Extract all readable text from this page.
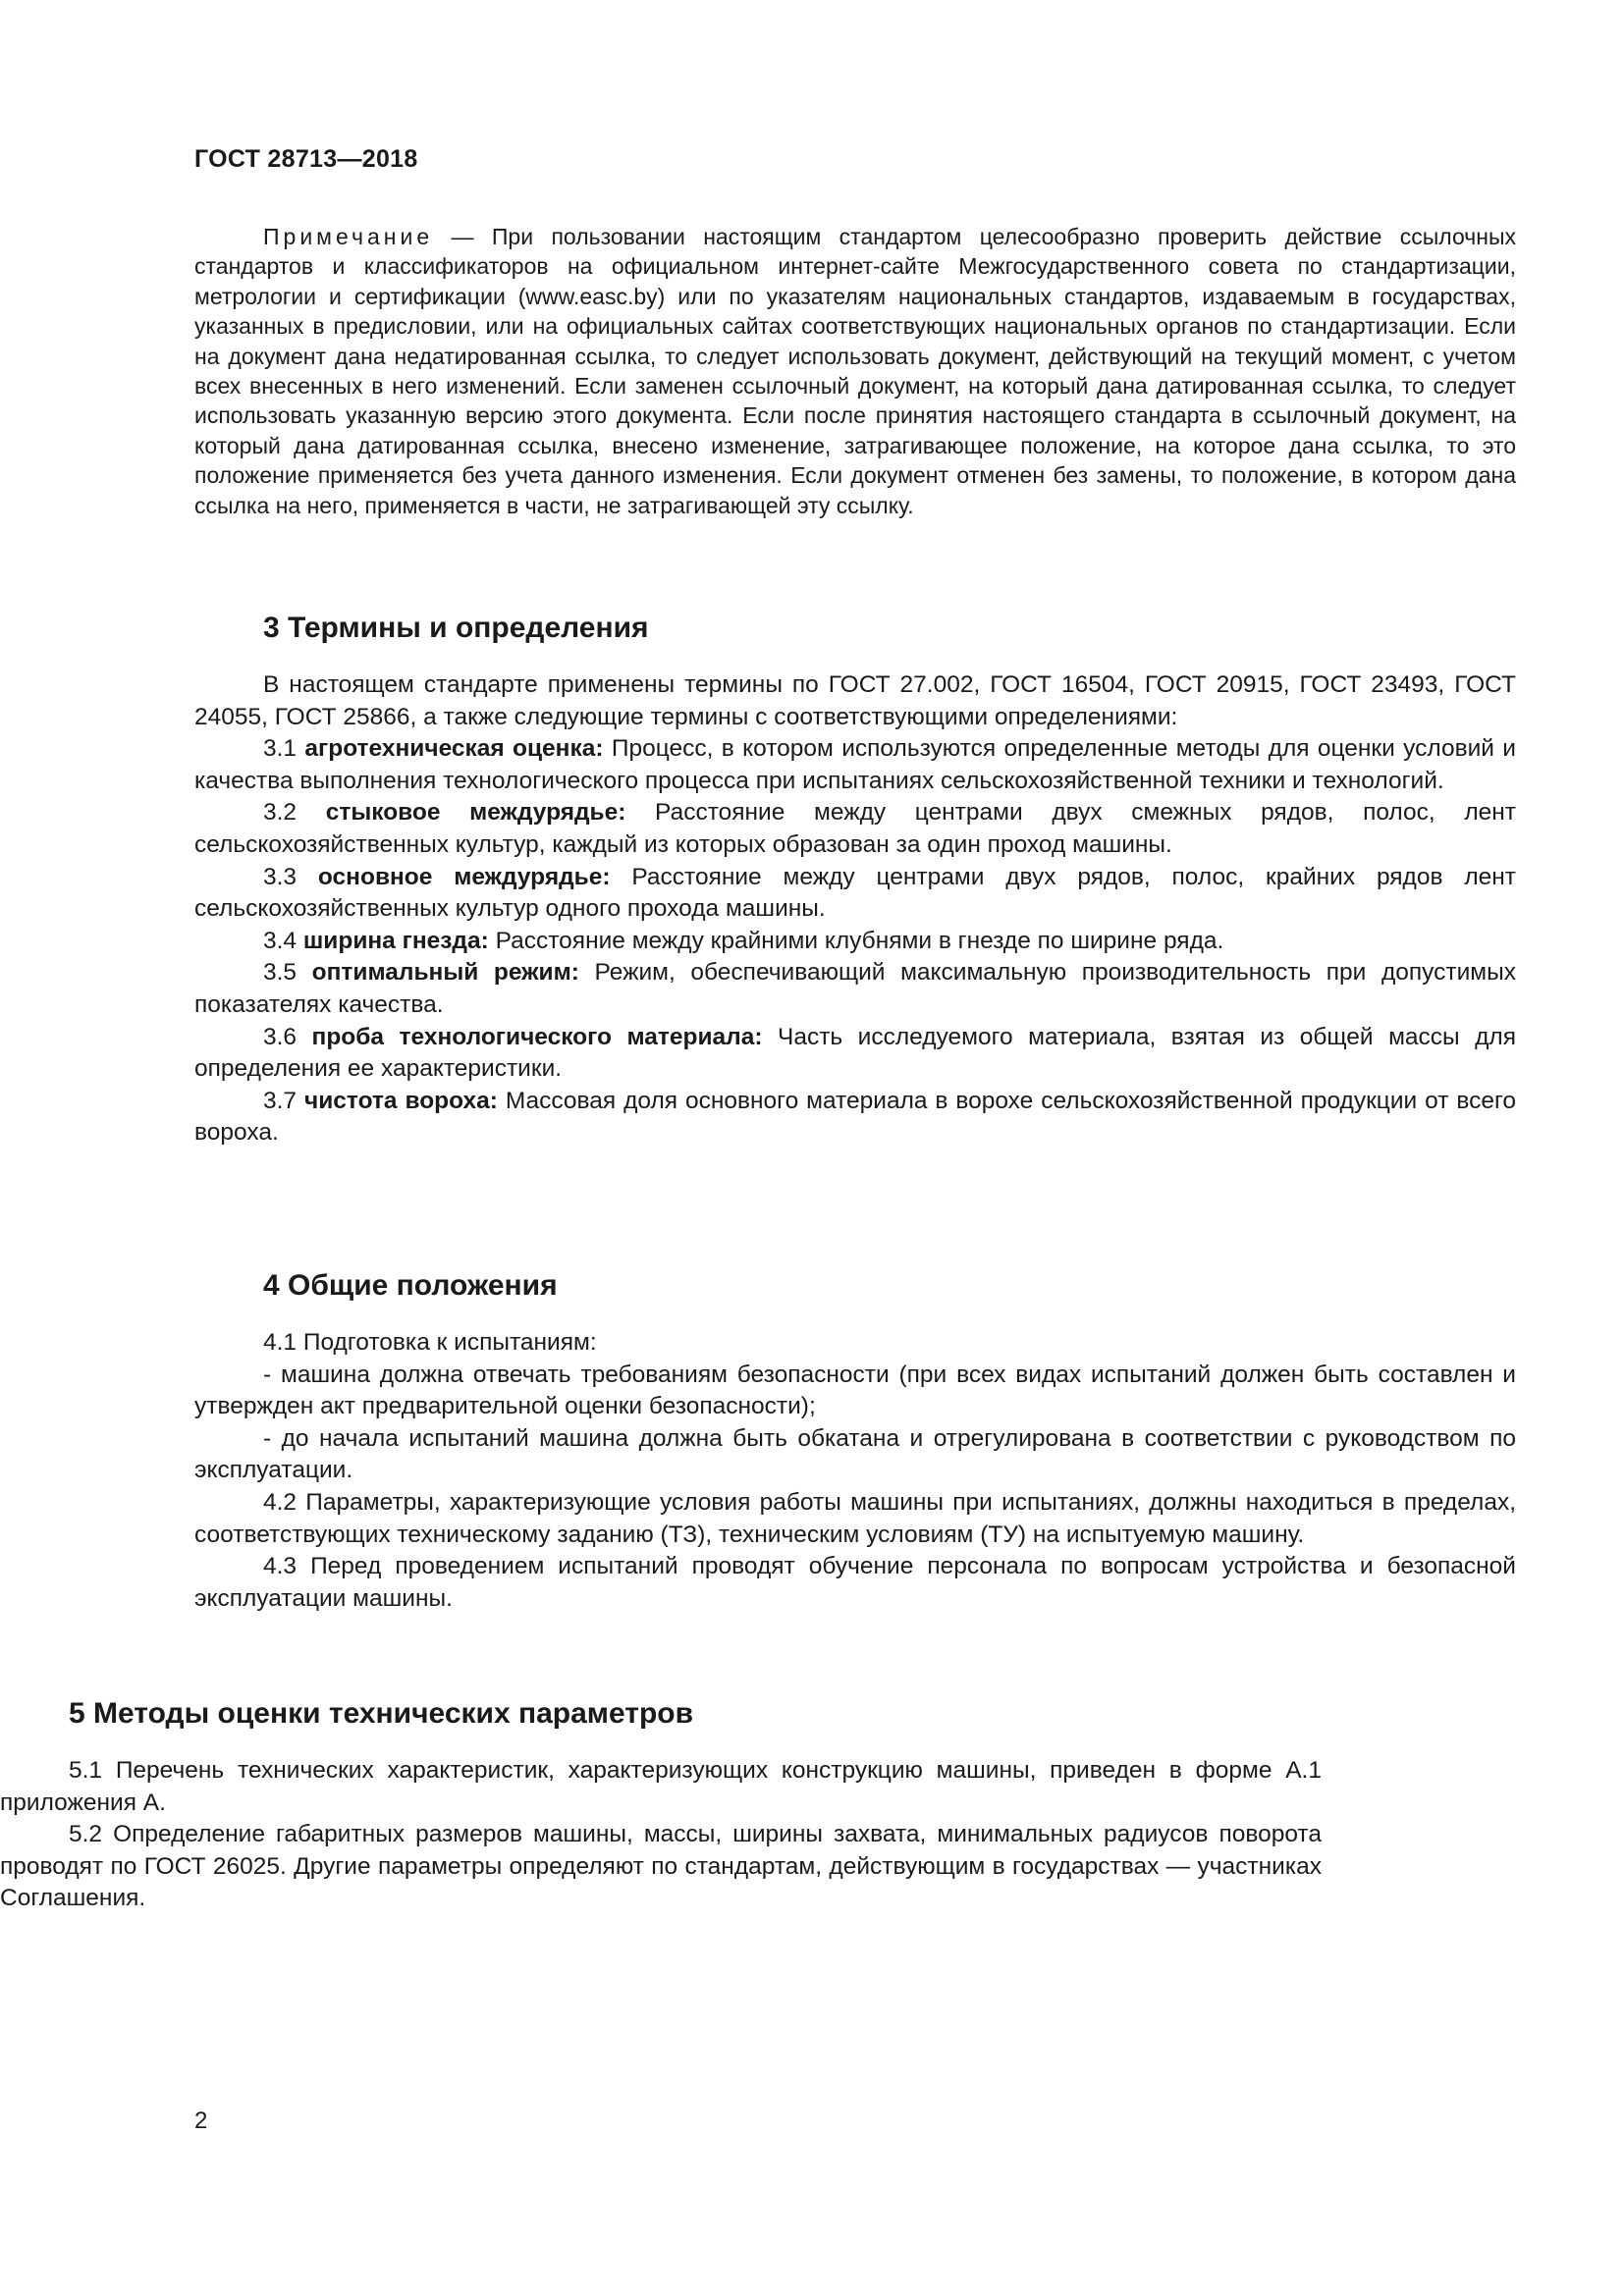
ГОСТ 28713—2018

Примечание — При пользовании настоящим стандартом целесообразно проверить действие ссылочных стандартов и классификаторов на официальном интернет-сайте Межгосударственного совета по стандартизации, метрологии и сертификации (www.easc.by) или по указателям национальных стандартов, издаваемым в государствах, указанных в предисловии, или на официальных сайтах соответствующих национальных органов по стандартизации. Если на документ дана недатированная ссылка, то следует использовать документ, действующий на текущий момент, с учетом всех внесенных в него изменений. Если заменен ссылочный документ, на который дана датированная ссылка, то следует использовать указанную версию этого документа. Если после принятия настоящего стандарта в ссылочный документ, на который дана датированная ссылка, внесено изменение, затрагивающее положение, на которое дана ссылка, то это положение применяется без учета данного изменения. Если документ отменен без замены, то положение, в котором дана ссылка на него, применяется в части, не затрагивающей эту ссылку.

3 Термины и определения

В настоящем стандарте применены термины по ГОСТ 27.002, ГОСТ 16504, ГОСТ 20915, ГОСТ 23493, ГОСТ 24055, ГОСТ 25866, а также следующие термины с соответствующими определениями:

3.1 агротехническая оценка: Процесс, в котором используются определенные методы для оценки условий и качества выполнения технологического процесса при испытаниях сельскохозяйственной техники и технологий.

3.2 стыковое междурядье: Расстояние между центрами двух смежных рядов, полос, лент сельскохозяйственных культур, каждый из которых образован за один проход машины.

3.3 основное междурядье: Расстояние между центрами двух рядов, полос, крайних рядов лент сельскохозяйственных культур одного прохода машины.

3.4 ширина гнезда: Расстояние между крайними клубнями в гнезде по ширине ряда.

3.5 оптимальный режим: Режим, обеспечивающий максимальную производительность при допустимых показателях качества.

3.6 проба технологического материала: Часть исследуемого материала, взятая из общей массы для определения ее характеристики.

3.7 чистота вороха: Массовая доля основного материала в ворохе сельскохозяйственной продукции от всего вороха.

4 Общие положения

4.1 Подготовка к испытаниям:

- машина должна отвечать требованиям безопасности (при всех видах испытаний должен быть составлен и утвержден акт предварительной оценки безопасности);

- до начала испытаний машина должна быть обкатана и отрегулирована в соответствии с руководством по эксплуатации.

4.2 Параметры, характеризующие условия работы машины при испытаниях, должны находиться в пределах, соответствующих техническому заданию (ТЗ), техническим условиям (ТУ) на испытуемую машину.

4.3 Перед проведением испытаний проводят обучение персонала по вопросам устройства и безопасной эксплуатации машины.

5 Методы оценки технических параметров

5.1 Перечень технических характеристик, характеризующих конструкцию машины, приведен в форме А.1 приложения А.

5.2 Определение габаритных размеров машины, массы, ширины захвата, минимальных радиусов поворота проводят по ГОСТ 26025. Другие параметры определяют по стандартам, действующим в государствах — участниках Соглашения.

2
